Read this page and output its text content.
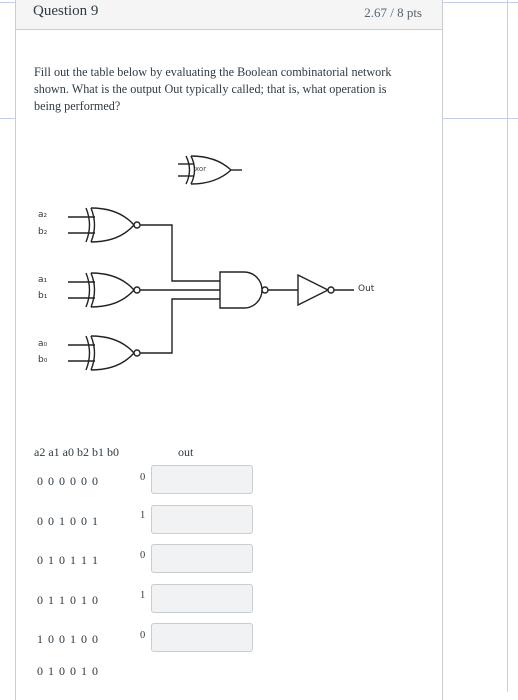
Question 9	2.67 / 8 pts
Fill out the table below by evaluating the Boolean combinatorial network shown. What is the output Out typically called; that is, what operation is being performed?
xor
a₂
b₂
a₁
b₁
a₀
b₀
Out
a2 a1 a0 b2 b1 b0	out
0 0 0 0 0 0	0
0 0 1 0 0 1	1
0 1 0 1 1 1	0
0 1 1 0 1 0	1
1 0 0 1 0 0	0
0 1 0 0 1 0
